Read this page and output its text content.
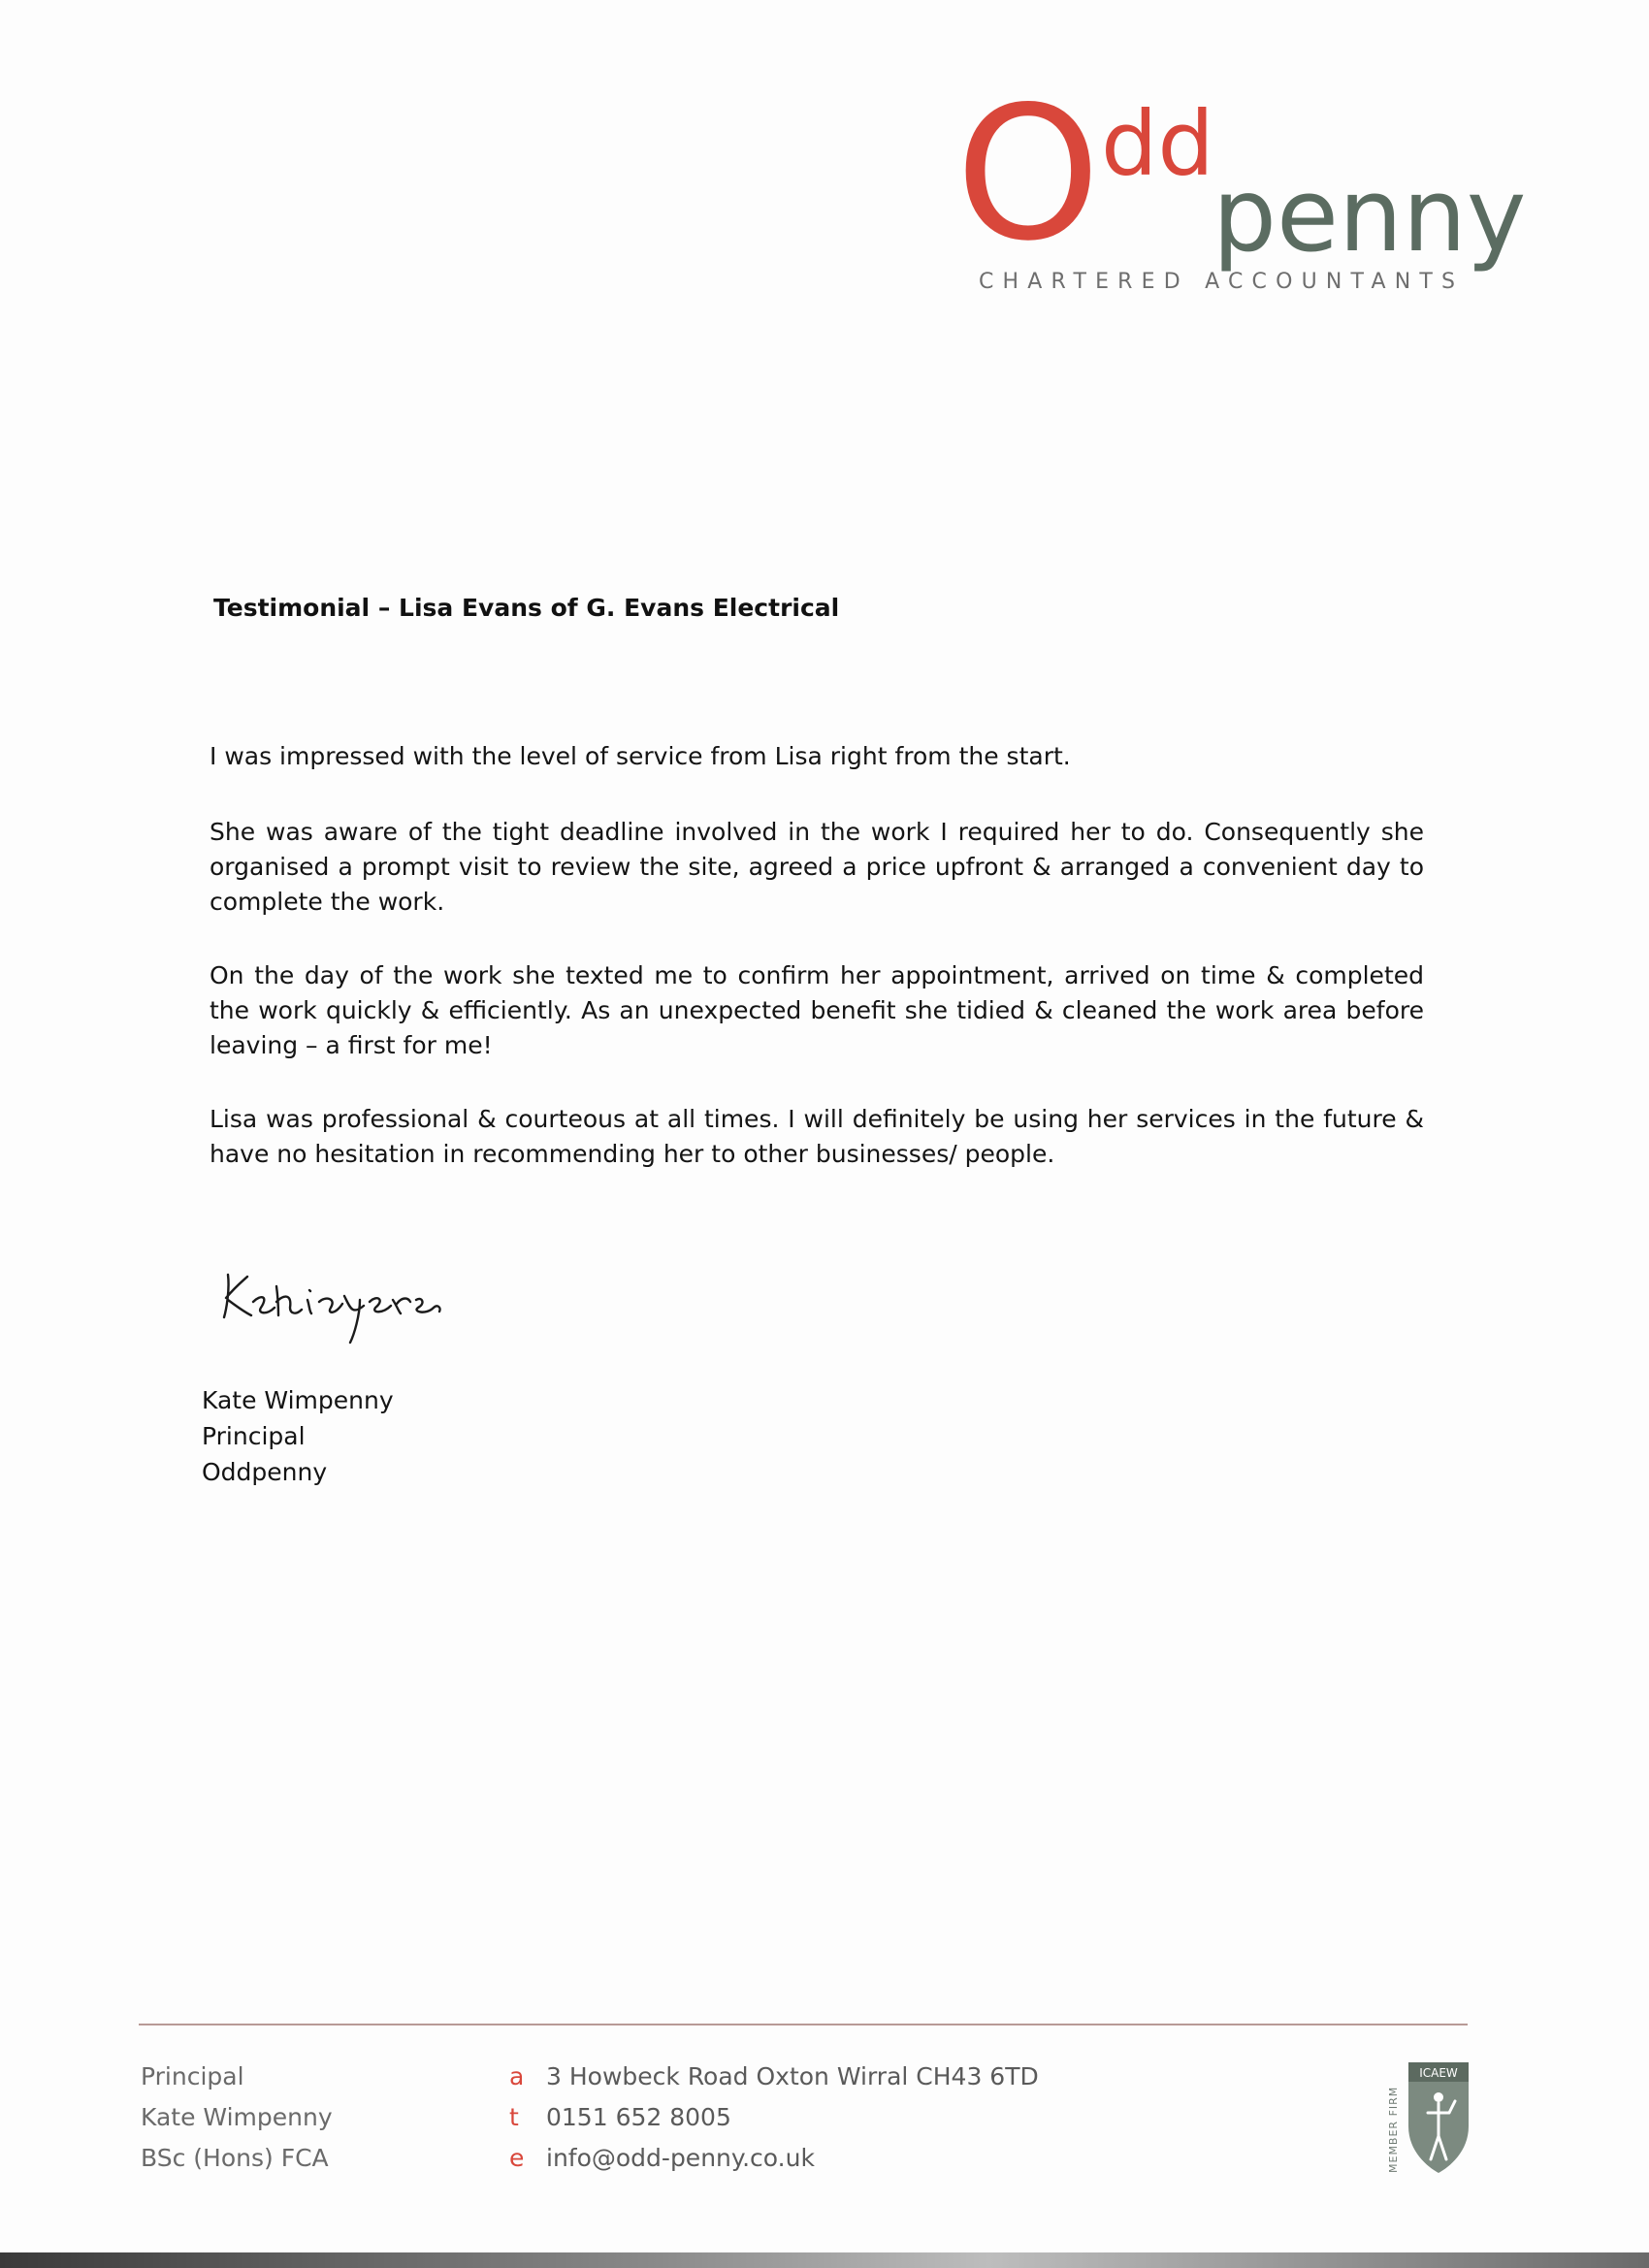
O dd
penny
CHARTERED ACCOUNTANTS
Testimonial – Lisa Evans of G. Evans Electrical

I was impressed with the level of service from Lisa right from the start.

She was aware of the tight deadline involved in the work I required her to do. Consequently she organised a prompt visit to review the site, agreed a price upfront & arranged a convenient day to complete the work.

On the day of the work she texted me to confirm her appointment, arrived on time & completed the work quickly & efficiently. As an unexpected benefit she tidied & cleaned the work area before leaving – a first for me!

Lisa was professional & courteous at all times. I will definitely be using her services in the future & have no hesitation in recommending her to other businesses/ people.

Kate Wimpenny
Principal
Oddpenny
Principal
Kate Wimpenny
BSc (Hons) FCA
a 3 Howbeck Road Oxton Wirral CH43 6TD
t 0151 652 8005
e info@odd-penny.co.uk	MEMBER FIRM
ICAEW
